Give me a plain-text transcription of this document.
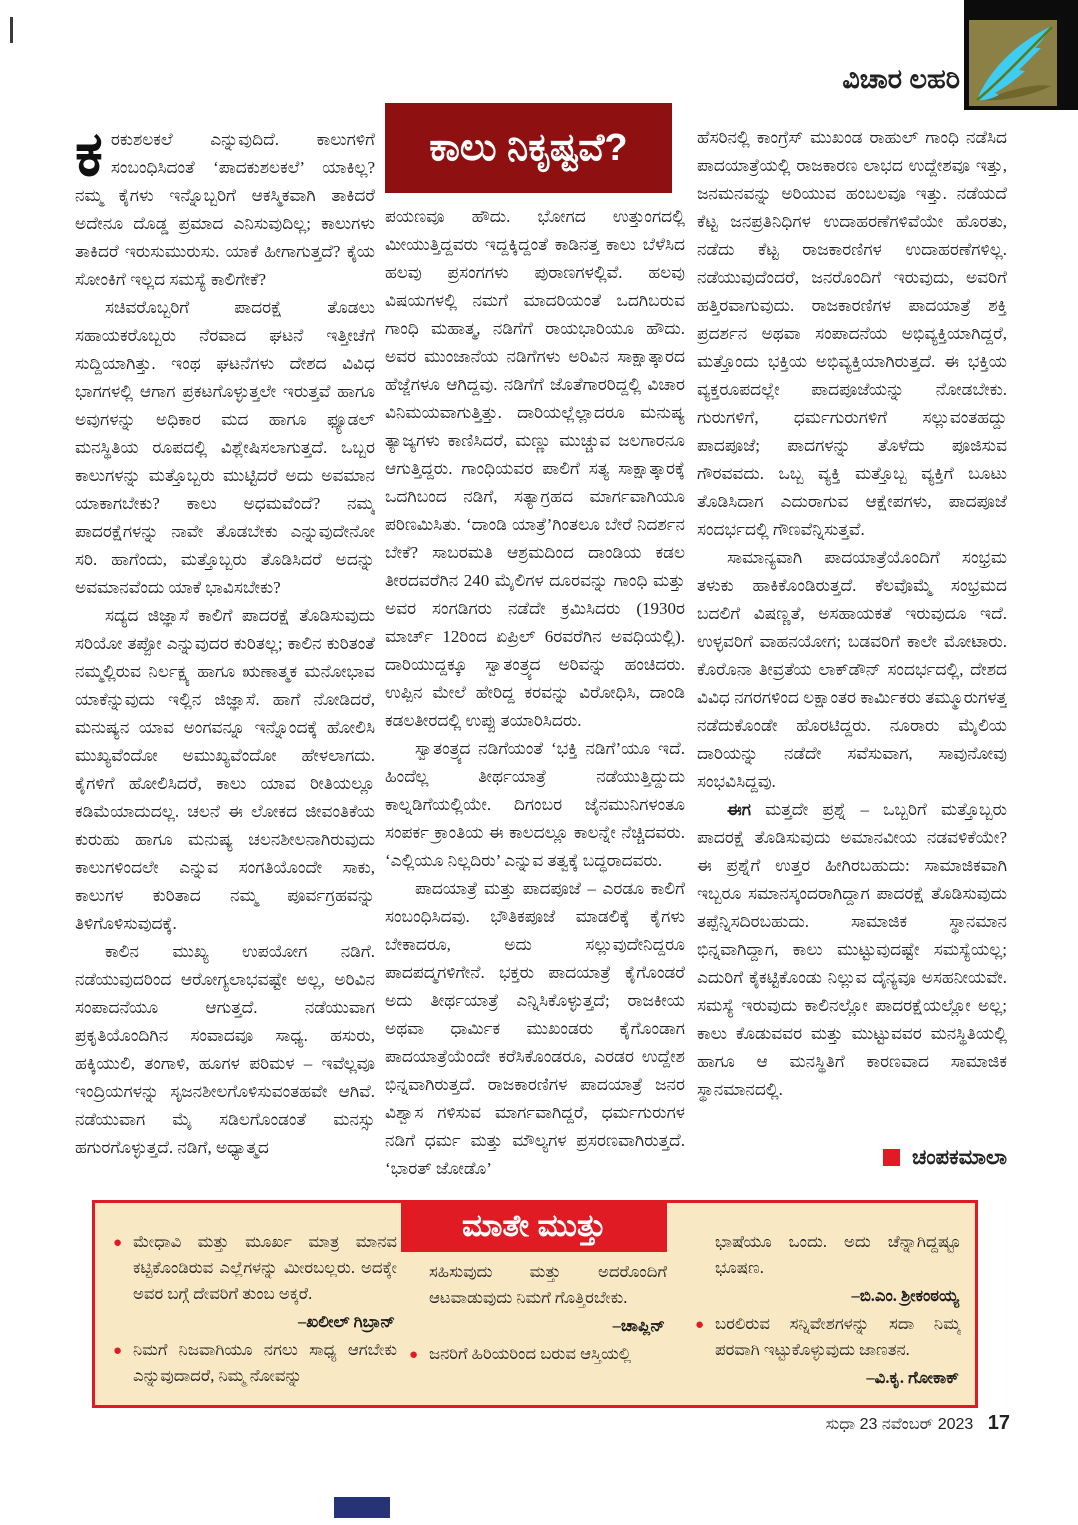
ವಿಚಾರ ಲಹರಿ
ಕಾಲು ನಿಕೃಷ್ಟವೆ?

ಕರಕುಶಲಕಲೆ ಎನ್ನುವುದಿದೆ. ಕಾಲುಗಳಿಗೆ ಸಂಬಂಧಿಸಿದಂತೆ ‘ಪಾದಕುಶಲಕಲೆ’ ಯಾಕಿಲ್ಲ? ನಮ್ಮ ಕೈಗಳು ಇನ್ನೊಬ್ಬರಿಗೆ ಆಕಸ್ಮಿಕವಾಗಿ ತಾಕಿದರೆ ಅದೇನೂ ದೊಡ್ಡ ಪ್ರಮಾದ ಎನಿಸುವುದಿಲ್ಲ; ಕಾಲುಗಳು ತಾಕಿದರೆ ಇರುಸುಮುರುಸು. ಯಾಕೆ ಹೀಗಾಗುತ್ತದೆ? ಕೈಯ ಸೋಂಕಿಗೆ ಇಲ್ಲದ ಸಮಸ್ಯೆ ಕಾಲಿಗೇಕೆ?

ಸಚಿವರೊಬ್ಬರಿಗೆ ಪಾದರಕ್ಷೆ ತೊಡಲು ಸಹಾಯಕರೊಬ್ಬರು ನೆರವಾದ ಘಟನೆ ಇತ್ತೀಚೆಗೆ ಸುದ್ದಿಯಾಗಿತ್ತು. ಇಂಥ ಘಟನೆಗಳು ದೇಶದ ವಿವಿಧ ಭಾಗಗಳಲ್ಲಿ ಆಗಾಗ ಪ್ರಕಟಗೊಳ್ಳುತ್ತಲೇ ಇರುತ್ತವೆ ಹಾಗೂ ಅವುಗಳನ್ನು ಅಧಿಕಾರ ಮದ ಹಾಗೂ ಫ್ಯೂಡಲ್ ಮನಸ್ಥಿತಿಯ ರೂಪದಲ್ಲಿ ವಿಶ್ಲೇಷಿಸಲಾಗುತ್ತದೆ. ಒಬ್ಬರ ಕಾಲುಗಳನ್ನು ಮತ್ತೊಬ್ಬರು ಮುಟ್ಟಿದರೆ ಅದು ಅವಮಾನ ಯಾಕಾಗಬೇಕು? ಕಾಲು ಅಧಮವೆಂದೆ? ನಮ್ಮ ಪಾದರಕ್ಷೆಗಳನ್ನು ನಾವೇ ತೊಡಬೇಕು ಎನ್ನುವುದೇನೋ ಸರಿ. ಹಾಗೆಂದು, ಮತ್ತೊಬ್ಬರು ತೊಡಿಸಿದರೆ ಅದನ್ನು ಅವಮಾನವೆಂದು ಯಾಕೆ ಭಾವಿಸಬೇಕು?

ಸದ್ಯದ ಜಿಜ್ಞಾಸೆ ಕಾಲಿಗೆ ಪಾದರಕ್ಷೆ ತೊಡಿಸುವುದು ಸರಿಯೋ ತಪ್ಪೋ ಎನ್ನುವುದರ ಕುರಿತಲ್ಲ; ಕಾಲಿನ ಕುರಿತಂತೆ ನಮ್ಮಲ್ಲಿರುವ ನಿರ್ಲಕ್ಷ್ಯ ಹಾಗೂ ಋಣಾತ್ಮಕ ಮನೋಭಾವ ಯಾಕೆನ್ನುವುದು ಇಲ್ಲಿನ ಜಿಜ್ಞಾಸೆ. ಹಾಗೆ ನೋಡಿದರೆ, ಮನುಷ್ಯನ ಯಾವ ಅಂಗವನ್ನೂ ಇನ್ನೊಂದಕ್ಕೆ ಹೋಲಿಸಿ ಮುಖ್ಯವೆಂದೋ ಅಮುಖ್ಯವೆಂದೋ ಹೇಳಲಾಗದು. ಕೈಗಳಿಗೆ ಹೋಲಿಸಿದರೆ, ಕಾಲು ಯಾವ ರೀತಿಯಲ್ಲೂ ಕಡಿಮೆಯಾದುದಲ್ಲ. ಚಲನೆ ಈ ಲೋಕದ ಜೀವಂತಿಕೆಯ ಕುರುಹು ಹಾಗೂ ಮನುಷ್ಯ ಚಲನಶೀಲನಾಗಿರುವುದು ಕಾಲುಗಳಿಂದಲೇ ಎನ್ನುವ ಸಂಗತಿಯೊಂದೇ ಸಾಕು, ಕಾಲುಗಳ ಕುರಿತಾದ ನಮ್ಮ ಪೂರ್ವಗ್ರಹವನ್ನು ತಿಳಿಗೊಳಿಸುವುದಕ್ಕೆ.

ಕಾಲಿನ ಮುಖ್ಯ ಉಪಯೋಗ ನಡಿಗೆ. ನಡೆಯುವುದರಿಂದ ಆರೋಗ್ಯಲಾಭವಷ್ಟೇ ಅಲ್ಲ, ಅರಿವಿನ ಸಂಪಾದನೆಯೂ ಆಗುತ್ತದೆ. ನಡೆಯುವಾಗ ಪ್ರಕೃತಿಯೊಂದಿಗಿನ ಸಂವಾದವೂ ಸಾಧ್ಯ. ಹಸುರು, ಹಕ್ಕಿಯುಲಿ, ತಂಗಾಳಿ, ಹೂಗಳ ಪರಿಮಳ – ಇವೆಲ್ಲವೂ ಇಂದ್ರಿಯಗಳನ್ನು ಸೃಜನಶೀಲಗೊಳಿಸುವಂತಹವೇ ಆಗಿವೆ. ನಡೆಯುವಾಗ ಮೈ ಸಡಿಲಗೊಂಡಂತೆ ಮನಸ್ಸು ಹಗುರಗೊಳ್ಳುತ್ತದೆ. ನಡಿಗೆ, ಅಧ್ಯಾತ್ಮದ

ಪಯಣವೂ ಹೌದು. ಭೋಗದ ಉತ್ತುಂಗದಲ್ಲಿ ಮೀಯುತ್ತಿದ್ದವರು ಇದ್ದಕ್ಕಿದ್ದಂತೆ ಕಾಡಿನತ್ತ ಕಾಲು ಬೆಳೆಸಿದ ಹಲವು ಪ್ರಸಂಗಗಳು ಪುರಾಣಗಳಲ್ಲಿವೆ. ಹಲವು ವಿಷಯಗಳಲ್ಲಿ ನಮಗೆ ಮಾದರಿಯಂತೆ ಒದಗಿಬರುವ ಗಾಂಧಿ ಮಹಾತ್ಮ, ನಡಿಗೆಗೆ ರಾಯಭಾರಿಯೂ ಹೌದು. ಅವರ ಮುಂಜಾನೆಯ ನಡಿಗೆಗಳು ಅರಿವಿನ ಸಾಕ್ಷಾತ್ಕಾರದ ಹೆಜ್ಜೆಗಳೂ ಆಗಿದ್ದವು. ನಡಿಗೆಗೆ ಜೊತೆಗಾರರಿದ್ದಲ್ಲಿ ವಿಚಾರ ವಿನಿಮಯವಾಗುತ್ತಿತ್ತು. ದಾರಿಯಲ್ಲೆಲ್ಲಾದರೂ ಮನುಷ್ಯ ತ್ಯಾಜ್ಯಗಳು ಕಾಣಿಸಿದರೆ, ಮಣ್ಣು ಮುಚ್ಚುವ ಜಲಗಾರನೂ ಆಗುತ್ತಿದ್ದರು. ಗಾಂಧಿಯವರ ಪಾಲಿಗೆ ಸತ್ಯ ಸಾಕ್ಷಾತ್ಕಾರಕ್ಕೆ ಒದಗಿಬಂದ ನಡಿಗೆ, ಸತ್ಯಾಗ್ರಹದ ಮಾರ್ಗವಾಗಿಯೂ ಪರಿಣಮಿಸಿತು. ‘ದಾಂಡಿ ಯಾತ್ರೆ’ಗಿಂತಲೂ ಬೇರೆ ನಿದರ್ಶನ ಬೇಕೆ? ಸಾಬರಮತಿ ಆಶ್ರಮದಿಂದ ದಾಂಡಿಯ ಕಡಲ ತೀರದವರೆಗಿನ 240 ಮೈಲಿಗಳ ದೂರವನ್ನು ಗಾಂಧಿ ಮತ್ತು ಅವರ ಸಂಗಡಿಗರು ನಡೆದೇ ಕ್ರಮಿಸಿದರು (1930ರ ಮಾರ್ಚ್ 12ರಿಂದ ಏಪ್ರಿಲ್ 6ರವರೆಗಿನ ಅವಧಿಯಲ್ಲಿ). ದಾರಿಯುದ್ದಕ್ಕೂ ಸ್ವಾತಂತ್ರ್ಯದ ಅರಿವನ್ನು ಹಂಚಿದರು. ಉಪ್ಪಿನ ಮೇಲೆ ಹೇರಿದ್ದ ಕರವನ್ನು ವಿರೋಧಿಸಿ, ದಾಂಡಿ ಕಡಲತೀರದಲ್ಲಿ ಉಪ್ಪು ತಯಾರಿಸಿದರು.

ಸ್ವಾತಂತ್ರ್ಯದ ನಡಿಗೆಯಂತೆ ‘ಭಕ್ತಿ ನಡಿಗೆ’ಯೂ ಇದೆ. ಹಿಂದೆಲ್ಲ ತೀರ್ಥಯಾತ್ರೆ ನಡೆಯುತ್ತಿದ್ದುದು ಕಾಲ್ನಡಿಗೆಯಲ್ಲಿಯೇ. ದಿಗಂಬರ ಜೈನಮುನಿಗಳಂತೂ ಸಂಪರ್ಕ ಕ್ರಾಂತಿಯ ಈ ಕಾಲದಲ್ಲೂ ಕಾಲನ್ನೇ ನೆಚ್ಚಿದವರು. ‘ಎಲ್ಲಿಯೂ ನಿಲ್ಲದಿರು’ ಎನ್ನುವ ತತ್ವಕ್ಕೆ ಬದ್ಧರಾದವರು.

ಪಾದಯಾತ್ರೆ ಮತ್ತು ಪಾದಪೂಜೆ – ಎರಡೂ ಕಾಲಿಗೆ ಸಂಬಂಧಿಸಿದವು. ಭೌತಿಕಪೂಜೆ ಮಾಡಲಿಕ್ಕೆ ಕೈಗಳು ಬೇಕಾದರೂ, ಅದು ಸಲ್ಲುವುದೇನಿದ್ದರೂ ಪಾದಪದ್ಮಗಳಿಗೇನೆ. ಭಕ್ತರು ಪಾದಯಾತ್ರೆ ಕೈಗೊಂಡರೆ ಅದು ತೀರ್ಥಯಾತ್ರೆ ಎನ್ನಿಸಿಕೊಳ್ಳುತ್ತದೆ; ರಾಜಕೀಯ ಅಥವಾ ಧಾರ್ಮಿಕ ಮುಖಂಡರು ಕೈಗೊಂಡಾಗ ಪಾದಯಾತ್ರೆಯೆಂದೇ ಕರೆಸಿಕೊಂಡರೂ, ಎರಡರ ಉದ್ದೇಶ ಭಿನ್ನವಾಗಿರುತ್ತದೆ. ರಾಜಕಾರಣಿಗಳ ಪಾದಯಾತ್ರೆ ಜನರ ವಿಶ್ವಾಸ ಗಳಿಸುವ ಮಾರ್ಗವಾಗಿದ್ದರೆ, ಧರ್ಮಗುರುಗಳ ನಡಿಗೆ ಧರ್ಮ ಮತ್ತು ಮೌಲ್ಯಗಳ ಪ್ರಸರಣವಾಗಿರುತ್ತದೆ. ‘ಭಾರತ್ ಜೋಡೊ’

ಹೆಸರಿನಲ್ಲಿ ಕಾಂಗ್ರೆಸ್ ಮುಖಂಡ ರಾಹುಲ್ ಗಾಂಧಿ ನಡೆಸಿದ ಪಾದಯಾತ್ರೆಯಲ್ಲಿ ರಾಜಕಾರಣ ಲಾಭದ ಉದ್ದೇಶವೂ ಇತ್ತು, ಜನಮನವನ್ನು ಅರಿಯುವ ಹಂಬಲವೂ ಇತ್ತು. ನಡೆಯದೆ ಕೆಟ್ಟ ಜನಪ್ರತಿನಿಧಿಗಳ ಉದಾಹರಣೆಗಳಿವೆಯೇ ಹೊರತು, ನಡೆದು ಕೆಟ್ಟ ರಾಜಕಾರಣಿಗಳ ಉದಾಹರಣೆಗಳಿಲ್ಲ. ನಡೆಯುವುದೆಂದರೆ, ಜನರೊಂದಿಗೆ ಇರುವುದು, ಅವರಿಗೆ ಹತ್ತಿರವಾಗುವುದು. ರಾಜಕಾರಣಿಗಳ ಪಾದಯಾತ್ರೆ ಶಕ್ತಿ ಪ್ರದರ್ಶನ ಅಥವಾ ಸಂಪಾದನೆಯ ಅಭಿವ್ಯಕ್ತಿಯಾಗಿದ್ದರೆ, ಮತ್ತೊಂದು ಭಕ್ತಿಯ ಅಭಿವ್ಯಕ್ತಿಯಾಗಿರುತ್ತದೆ. ಈ ಭಕ್ತಿಯ ವ್ಯಕ್ತರೂಪದಲ್ಲೇ ಪಾದಪೂಜೆಯನ್ನು ನೋಡಬೇಕು. ಗುರುಗಳಿಗೆ, ಧರ್ಮಗುರುಗಳಿಗೆ ಸಲ್ಲುವಂತಹದ್ದು ಪಾದಪೂಜೆ; ಪಾದಗಳನ್ನು ತೊಳೆದು ಪೂಜಿಸುವ ಗೌರವವದು. ಒಬ್ಬ ವ್ಯಕ್ತಿ ಮತ್ತೊಬ್ಬ ವ್ಯಕ್ತಿಗೆ ಬೂಟು ತೊಡಿಸಿದಾಗ ಎದುರಾಗುವ ಆಕ್ಷೇಪಗಳು, ಪಾದಪೂಜೆ ಸಂದರ್ಭದಲ್ಲಿ ಗೌಣವೆನ್ನಿಸುತ್ತವೆ.

ಸಾಮಾನ್ಯವಾಗಿ ಪಾದಯಾತ್ರೆಯೊಂದಿಗೆ ಸಂಭ್ರಮ ತಳುಕು ಹಾಕಿಕೊಂಡಿರುತ್ತದೆ. ಕೆಲವೊಮ್ಮೆ ಸಂಭ್ರಮದ ಬದಲಿಗೆ ವಿಷಣ್ಣತೆ, ಅಸಹಾಯಕತೆ ಇರುವುದೂ ಇದೆ. ಉಳ್ಳವರಿಗೆ ವಾಹನಯೋಗ; ಬಡವರಿಗೆ ಕಾಲೇ ಮೋಟಾರು. ಕೊರೊನಾ ತೀವ್ರತೆಯ ಲಾಕ್‌ಡೌನ್ ಸಂದರ್ಭದಲ್ಲಿ, ದೇಶದ ವಿವಿಧ ನಗರಗಳಿಂದ ಲಕ್ಷಾಂತರ ಕಾರ್ಮಿಕರು ತಮ್ಮೂರುಗಳತ್ತ ನಡೆದುಕೊಂಡೇ ಹೊರಟಿದ್ದರು. ನೂರಾರು ಮೈಲಿಯ ದಾರಿಯನ್ನು ನಡೆದೇ ಸವೆಸುವಾಗ, ಸಾವುನೋವು ಸಂಭವಿಸಿದ್ದವು.

ಈಗ ಮತ್ತದೇ ಪ್ರಶ್ನೆ – ಒಬ್ಬರಿಗೆ ಮತ್ತೊಬ್ಬರು ಪಾದರಕ್ಷೆ ತೊಡಿಸುವುದು ಅಮಾನವೀಯ ನಡವಳಿಕೆಯೇ? ಈ ಪ್ರಶ್ನೆಗೆ ಉತ್ತರ ಹೀಗಿರಬಹುದು: ಸಾಮಾಜಿಕವಾಗಿ ಇಬ್ಬರೂ ಸಮಾನಸ್ಕಂದರಾಗಿದ್ದಾಗ ಪಾದರಕ್ಷೆ ತೊಡಿಸುವುದು ತಪ್ಪೆನ್ನಿಸದಿರಬಹುದು. ಸಾಮಾಜಿಕ ಸ್ಥಾನಮಾನ ಭಿನ್ನವಾಗಿದ್ದಾಗ, ಕಾಲು ಮುಟ್ಟುವುದಷ್ಟೇ ಸಮಸ್ಯೆಯಲ್ಲ; ಎದುರಿಗೆ ಕೈಕಟ್ಟಿಕೊಂಡು ನಿಲ್ಲುವ ದೈನ್ಯವೂ ಅಸಹನೀಯವೇ. ಸಮಸ್ಯೆ ಇರುವುದು ಕಾಲಿನಲ್ಲೋ ಪಾದರಕ್ಷೆಯಲ್ಲೋ ಅಲ್ಲ; ಕಾಲು ಕೊಡುವವರ ಮತ್ತು ಮುಟ್ಟುವವರ ಮನಸ್ಥಿತಿಯಲ್ಲಿ ಹಾಗೂ ಆ ಮನಸ್ಥಿತಿಗೆ ಕಾರಣವಾದ ಸಾಮಾಜಿಕ ಸ್ಥಾನಮಾನದಲ್ಲಿ.

ಚಂಪಕಮಾಲಾ
ಮಾತೇ ಮುತ್ತು

● ಮೇಧಾವಿ ಮತ್ತು ಮೂರ್ಖ ಮಾತ್ರ ಮಾನವ ಕಟ್ಟಿಕೊಂಡಿರುವ ಎಲ್ಲೆಗಳನ್ನು ಮೀರಬಲ್ಲರು. ಅದಕ್ಕೇ ಅವರ ಬಗ್ಗೆ ದೇವರಿಗೆ ತುಂಬ ಅಕ್ಕರೆ.

–ಖಲೀಲ್ ಗಿಬ್ರಾನ್

● ನಿಮಗೆ ನಿಜವಾಗಿಯೂ ನಗಲು ಸಾಧ್ಯ ಆಗಬೇಕು ಎನ್ನುವುದಾದರೆ, ನಿಮ್ಮ ನೋವನ್ನು

ಸಹಿಸುವುದು ಮತ್ತು ಅದರೊಂದಿಗೆ ಆಟವಾಡುವುದು ನಿಮಗೆ ಗೊತ್ತಿರಬೇಕು.

–ಚಾಪ್ಲಿನ್

● ಜನರಿಗೆ ಹಿರಿಯರಿಂದ ಬರುವ ಆಸ್ತಿಯಲ್ಲಿ

ಭಾಷೆಯೂ ಒಂದು. ಅದು ಚೆನ್ನಾಗಿದ್ದಷ್ಟೂ ಭೂಷಣ.

–ಬಿ.ಎಂ. ಶ್ರೀಕಂಠಯ್ಯ

● ಬರಲಿರುವ ಸನ್ನಿವೇಶಗಳನ್ನು ಸದಾ ನಿಮ್ಮ ಪರವಾಗಿ ಇಟ್ಟುಕೊಳ್ಳುವುದು ಜಾಣತನ.

–ವಿ.ಕೃ. ಗೋಕಾಕ್

ಸುಧಾ 23 ನವೆಂಬರ್ 2023 17
